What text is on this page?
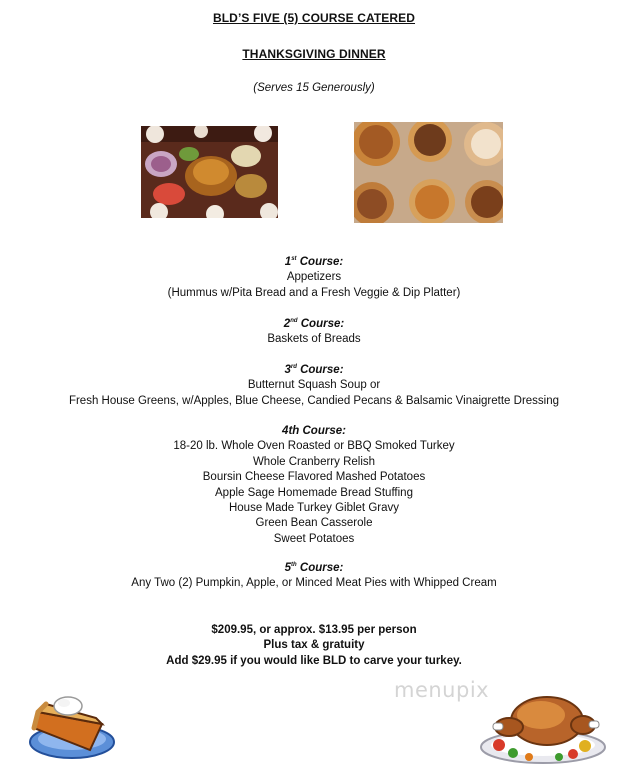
BLD’S FIVE (5) COURSE CATERED
THANKSGIVING DINNER
(Serves 15 Generously)
1st Course:
Appetizers
(Hummus w/Pita Bread and a Fresh Veggie & Dip Platter)
2nd Course:
Baskets of Breads
3rd Course:
Butternut Squash Soup or
Fresh House Greens, w/Apples, Blue Cheese, Candied Pecans & Balsamic Vinaigrette Dressing
4th Course:
18-20 lb. Whole Oven Roasted or BBQ Smoked Turkey
Whole Cranberry Relish
Boursin Cheese Flavored Mashed Potatoes
Apple Sage Homemade Bread Stuffing
House Made Turkey Giblet Gravy
Green Bean Casserole
Sweet Potatoes
5th Course:
Any Two (2) Pumpkin, Apple, or Minced Meat Pies with Whipped Cream
$209.95, or approx. $13.95 per person
Plus tax & gratuity
Add $29.95 if you would like BLD to carve your turkey.
menupix
